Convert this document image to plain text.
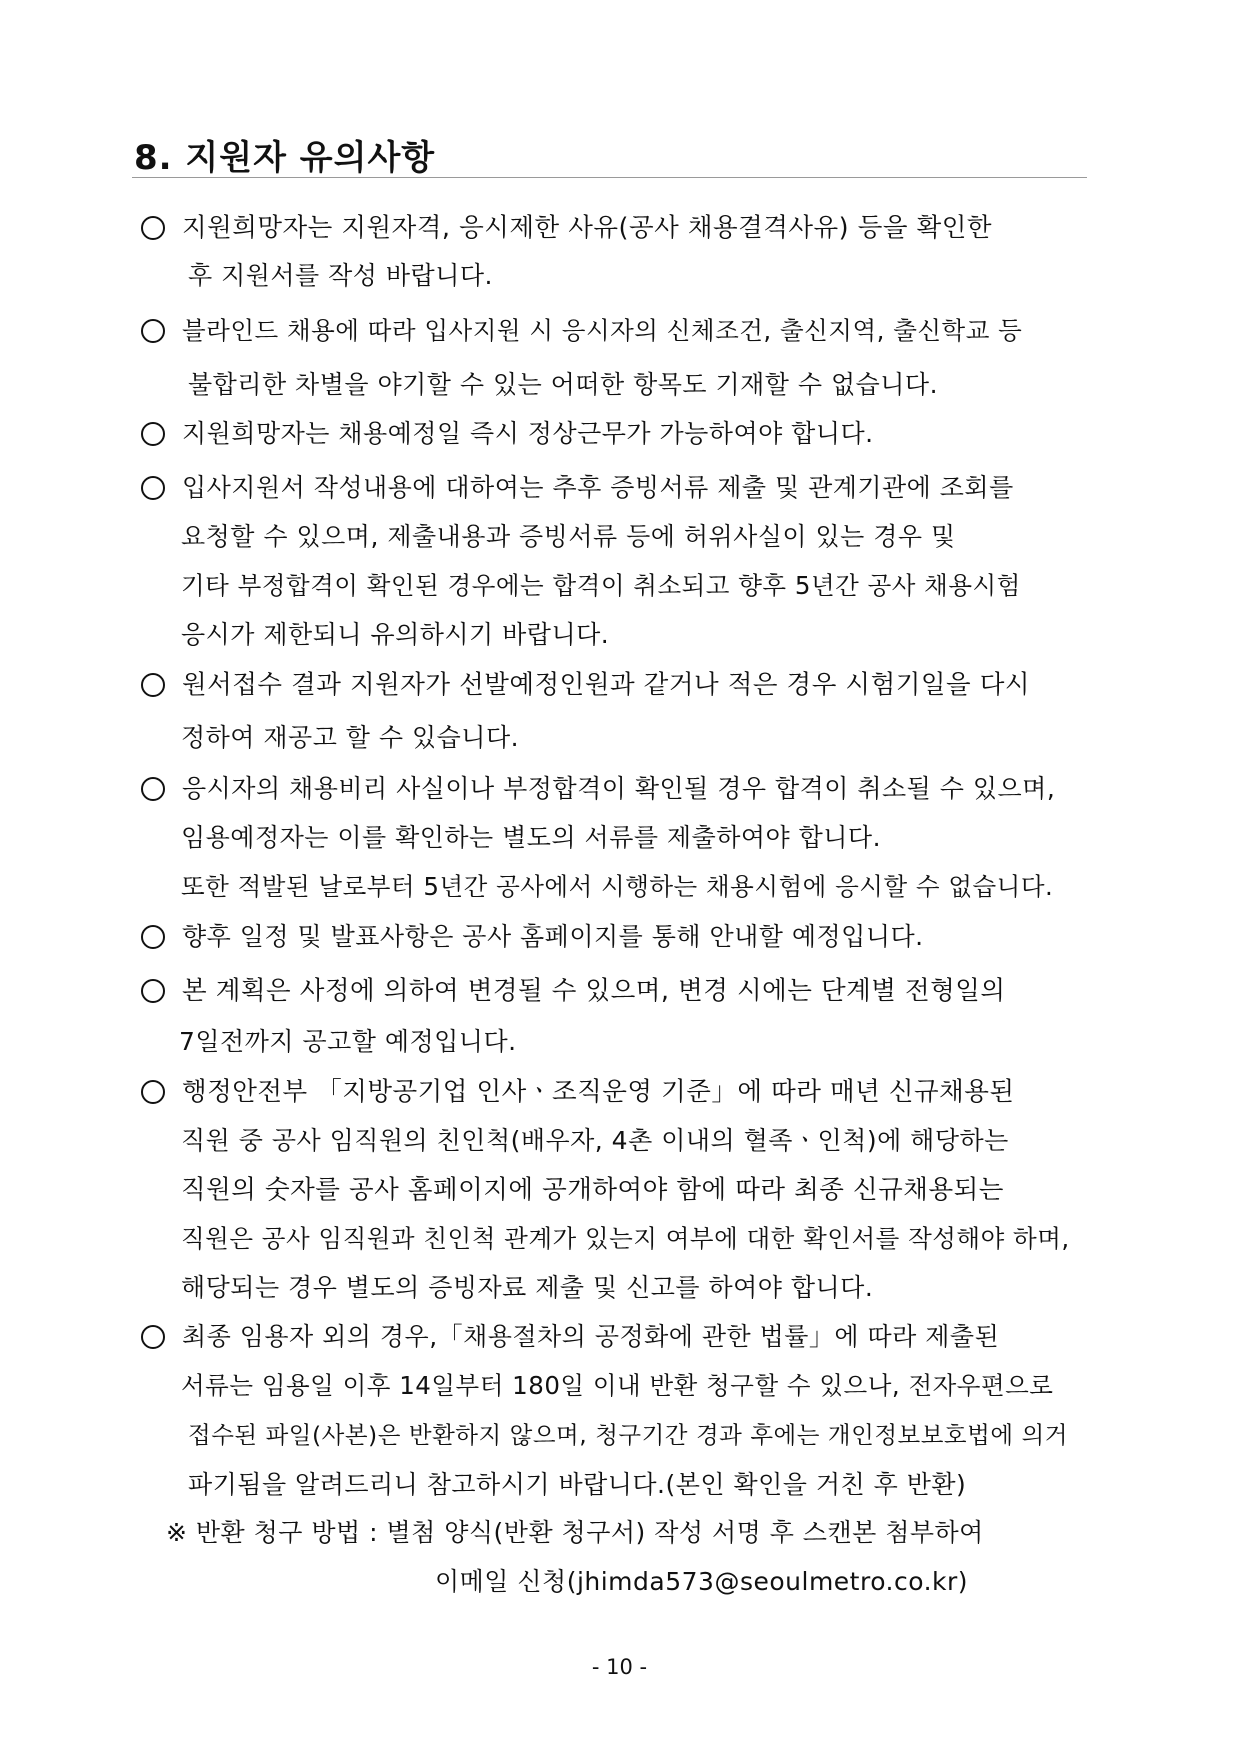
8. 지원자 유의사항
지원희망자는 지원자격, 응시제한 사유(공사 채용결격사유) 등을 확인한
후 지원서를 작성 바랍니다.
블라인드 채용에 따라 입사지원 시 응시자의 신체조건, 출신지역, 출신학교 등
불합리한 차별을 야기할 수 있는 어떠한 항목도 기재할 수 없습니다.
지원희망자는 채용예정일 즉시 정상근무가 가능하여야 합니다.
입사지원서 작성내용에 대하여는 추후 증빙서류 제출 및 관계기관에 조회를
요청할 수 있으며, 제출내용과 증빙서류 등에 허위사실이 있는 경우 및
기타 부정합격이 확인된 경우에는 합격이 취소되고 향후 5년간 공사 채용시험
응시가 제한되니 유의하시기 바랍니다.
원서접수 결과 지원자가 선발예정인원과 같거나 적은 경우 시험기일을 다시
정하여 재공고 할 수 있습니다.
응시자의 채용비리 사실이나 부정합격이 확인될 경우 합격이 취소될 수 있으며,
임용예정자는 이를 확인하는 별도의 서류를 제출하여야 합니다.
또한 적발된 날로부터 5년간 공사에서 시행하는 채용시험에 응시할 수 없습니다.
향후 일정 및 발표사항은 공사 홈페이지를 통해 안내할 예정입니다.
본 계획은 사정에 의하여 변경될 수 있으며, 변경 시에는 단계별 전형일의
7일전까지 공고할 예정입니다.
행정안전부 「지방공기업 인사ㆍ조직운영 기준」에 따라 매년 신규채용된
직원 중 공사 임직원의 친인척(배우자, 4촌 이내의 혈족ㆍ인척)에 해당하는
직원의 숫자를 공사 홈페이지에 공개하여야 함에 따라 최종 신규채용되는
직원은 공사 임직원과 친인척 관계가 있는지 여부에 대한 확인서를 작성해야 하며,
해당되는 경우 별도의 증빙자료 제출 및 신고를 하여야 합니다.
최종 임용자 외의 경우,「채용절차의 공정화에 관한 법률」에 따라 제출된
서류는 임용일 이후 14일부터 180일 이내 반환 청구할 수 있으나, 전자우편으로
접수된 파일(사본)은 반환하지 않으며, 청구기간 경과 후에는 개인정보보호법에 의거
파기됨을 알려드리니 참고하시기 바랍니다.(본인 확인을 거친 후 반환)
※ 반환 청구 방법 : 별첨 양식(반환 청구서) 작성 서명 후 스캔본 첨부하여
이메일 신청(jhimda573@seoulmetro.co.kr)
- 10 -
